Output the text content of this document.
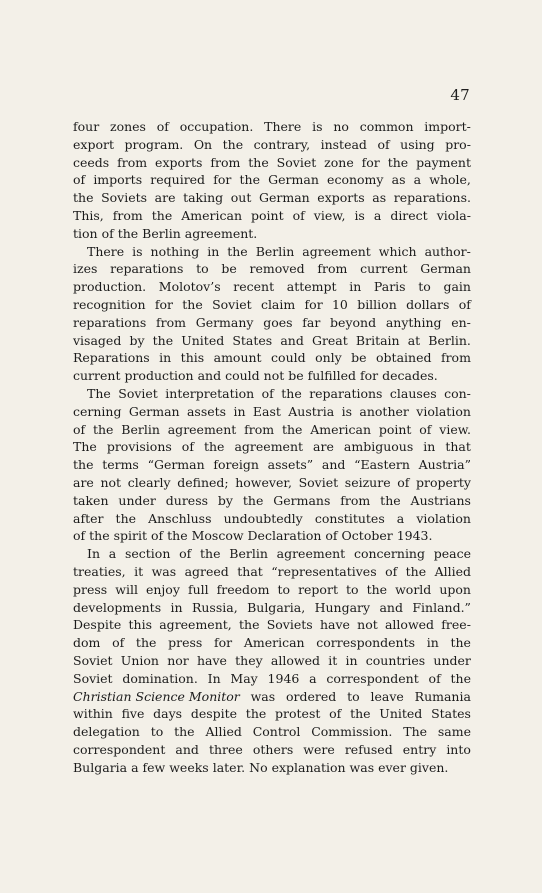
47
four zones of occupation. There is no common import-
export program. On the contrary, instead of using pro-
ceeds from exports from the Soviet zone for the payment
of imports required for the German economy as a whole,
the Soviets are taking out German exports as reparations.
This, from the American point of view, is a direct viola-
tion of the Berlin agreement.
There is nothing in the Berlin agreement which author-
izes reparations to be removed from current German
production. Molotov’s recent attempt in Paris to gain
recognition for the Soviet claim for 10 billion dollars of
reparations from Germany goes far beyond anything en-
visaged by the United States and Great Britain at Berlin.
Reparations in this amount could only be obtained from
current production and could not be fulfilled for decades.
The Soviet interpretation of the reparations clauses con-
cerning German assets in East Austria is another violation
of the Berlin agreement from the American point of view.
The provisions of the agreement are ambiguous in that
the terms “German foreign assets” and “Eastern Austria”
are not clearly defined; however, Soviet seizure of property
taken under duress by the Germans from the Austrians
after the Anschluss undoubtedly constitutes a violation
of the spirit of the Moscow Declaration of October 1943.
In a section of the Berlin agreement concerning peace
treaties, it was agreed that “representatives of the Allied
press will enjoy full freedom to report to the world upon
developments in Russia, Bulgaria, Hungary and Finland.”
Despite this agreement, the Soviets have not allowed free-
dom of the press for American correspondents in the
Soviet Union nor have they allowed it in countries under
Soviet domination. In May 1946 a correspondent of the
Christian Science Monitor was ordered to leave Rumania
within five days despite the protest of the United States
delegation to the Allied Control Commission. The same
correspondent and three others were refused entry into
Bulgaria a few weeks later. No explanation was ever given.
